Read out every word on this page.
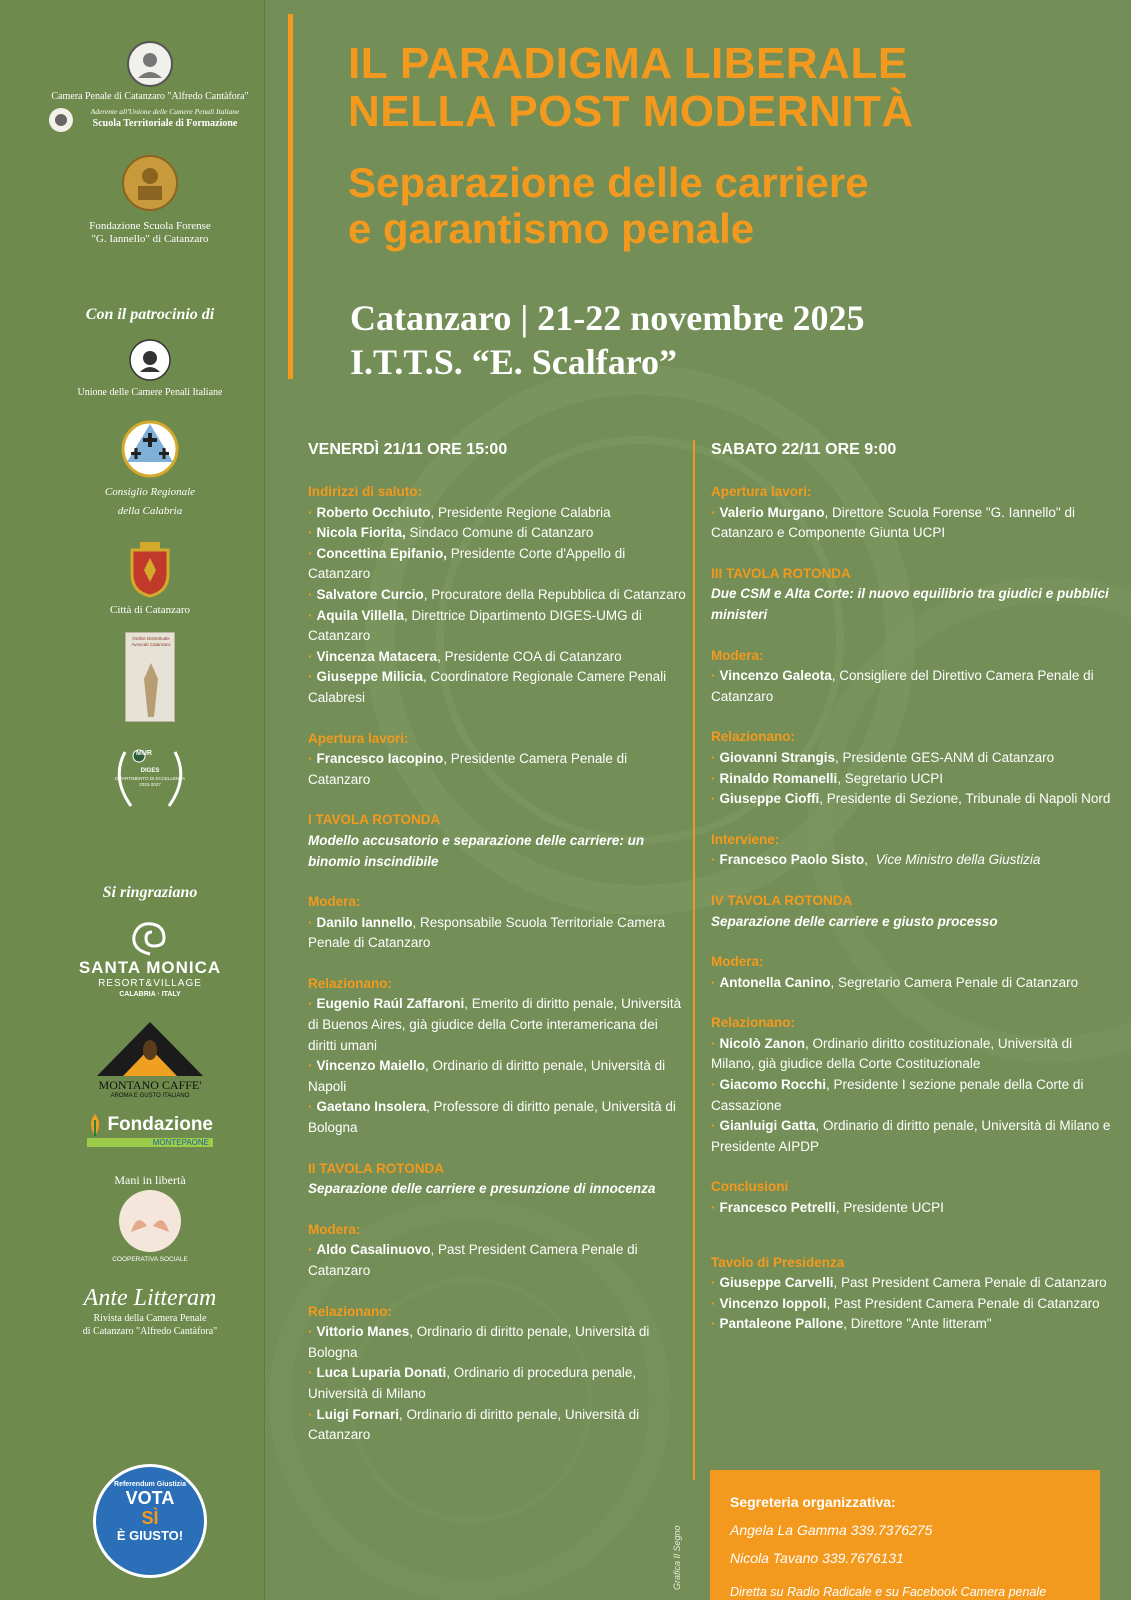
Camera Penale di Catanzaro "Alfredo Cantàfora"
Aderente all'Unione delle Camere Penali Italiane
Scuola Territoriale di Formazione
Fondazione Scuola Forense
"G. Iannello" di Catanzaro
Con il patrocinio di
Unione delle Camere Penali Italiane
Consiglio Regionale
della Calabria
Città di Catanzaro
Ordine Distrettuale Avvocati Catanzaro
MUR
DIGES
DIPARTIMENTO DI ECCELLENZA
2023-2027
Si ringraziano
SANTA MONICA
RESORT&VILLAGE
CALABRIA · ITALY
MONTANO CAFFE'
AROMA E GUSTO ITALIANO
Fondazione
MONTEPAONE
Mani in libertà
COOPERATIVA SOCIALE
Ante Litteram
Rivista della Camera Penale
di Catanzaro "Alfredo Cantàfora"
Referendum Giustizia
VOTA
SÌ
È GIUSTO!
IL PARADIGMA LIBERALE
NELLA POST MODERNITÀ
Separazione delle carriere
e garantismo penale
Catanzaro | 21-22 novembre 2025
I.T.T.S. “E. Scalfaro”
VENERDÌ 21/11 ORE 15:00
Indirizzi di saluto:
· Roberto Occhiuto, Presidente Regione Calabria
· Nicola Fiorita, Sindaco Comune di Catanzaro
· Concettina Epifanio, Presidente Corte d'Appello di Catanzaro
· Salvatore Curcio, Procuratore della Repubblica di Catanzaro
· Aquila Villella, Direttrice Dipartimento DIGES-UMG di Catanzaro
· Vincenza Matacera, Presidente COA di Catanzaro
· Giuseppe Milicia, Coordinatore Regionale Camere Penali Calabresi
Apertura lavori:
· Francesco Iacopino, Presidente Camera Penale di Catanzaro
I TAVOLA ROTONDA
Modello accusatorio e separazione delle carriere: un binomio inscindibile
Modera:
· Danilo Iannello, Responsabile Scuola Territoriale Camera Penale di Catanzaro
Relazionano:
· Eugenio Raúl Zaffaroni, Emerito di diritto penale, Università di Buenos Aires, già giudice della Corte interamericana dei diritti umani
· Vincenzo Maiello, Ordinario di diritto penale, Università di Napoli
· Gaetano Insolera, Professore di diritto penale, Università di Bologna
II TAVOLA ROTONDA
Separazione delle carriere e presunzione di innocenza
Modera:
· Aldo Casalinuovo, Past President Camera Penale di Catanzaro
Relazionano:
· Vittorio Manes, Ordinario di diritto penale, Università di Bologna
· Luca Luparia Donati, Ordinario di procedura penale, Università di Milano
· Luigi Fornari, Ordinario di diritto penale, Università di Catanzaro
SABATO 22/11 ORE 9:00
Apertura lavori:
· Valerio Murgano, Direttore Scuola Forense "G. Iannello" di Catanzaro e Componente Giunta UCPI
III TAVOLA ROTONDA
Due CSM e Alta Corte: il nuovo equilibrio tra giudici e pubblici ministeri
Modera:
· Vincenzo Galeota, Consigliere del Direttivo Camera Penale di Catanzaro
Relazionano:
· Giovanni Strangis, Presidente GES-ANM di Catanzaro
· Rinaldo Romanelli, Segretario UCPI
· Giuseppe Cioffi, Presidente di Sezione, Tribunale di Napoli Nord
Interviene:
· Francesco Paolo Sisto,  Vice Ministro della Giustizia
IV TAVOLA ROTONDA
Separazione delle carriere e giusto processo
Modera:
· Antonella Canino, Segretario Camera Penale di Catanzaro
Relazionano:
· Nicolò Zanon, Ordinario diritto costituzionale, Università di Milano, già giudice della Corte Costituzionale
· Giacomo Rocchi, Presidente I sezione penale della Corte di Cassazione
· Gianluigi Gatta, Ordinario di diritto penale, Università di Milano e Presidente AIPDP
Conclusioni
· Francesco Petrelli, Presidente UCPI
Tavolo di Presidenza
· Giuseppe Carvelli, Past President Camera Penale di Catanzaro
· Vincenzo Ioppoli, Past President Camera Penale di Catanzaro
· Pantaleone Pallone, Direttore "Ante litteram"
Segreteria organizzativa:
Angela La Gamma 339.7376275
Nicola Tavano 339.7676131
Diretta su Radio Radicale e su Facebook Camera penale
Grafica Il Segno
